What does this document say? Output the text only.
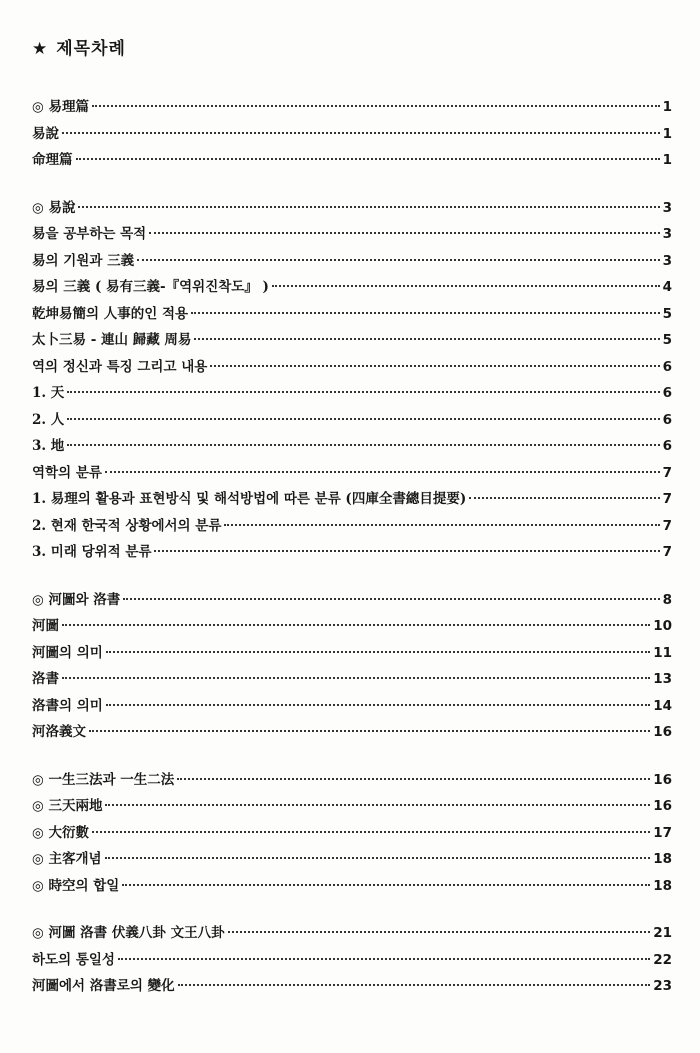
★ 제목차례
◎ 易理篇	1
易說	1
命理篇	1
◎ 易說	3
易을 공부하는 목적	3
易의 기원과 三義	3
易의 三義 ( 易有三義-『역위진착도』 )	4
乾坤易簡의 人事的인 적용	5
太卜三易 - 連山 歸藏 周易	5
역의 정신과 특징 그리고 내용	6
1. 天	6
2. 人	6
3. 地	6
역학의 분류	7
1. 易理의 활용과 표현방식 및 해석방법에 따른 분류 (四庫全書總目提要)	7
2. 현재 한국적 상황에서의 분류	7
3. 미래 당위적 분류	7
◎ 河圖와 洛書	8
河圖	10
河圖의 의미	11
洛書	13
洛書의 의미	14
河洛義文	16
◎ 一生三法과 一生二法	16
◎ 三天兩地	16
◎ 大衍數	17
◎ 主客개념	18
◎ 時空의 합일	18
◎ 河圖 洛書 伏義八卦 文王八卦	21
하도의 통일성	22
河圖에서 洛書로의 變化	23
